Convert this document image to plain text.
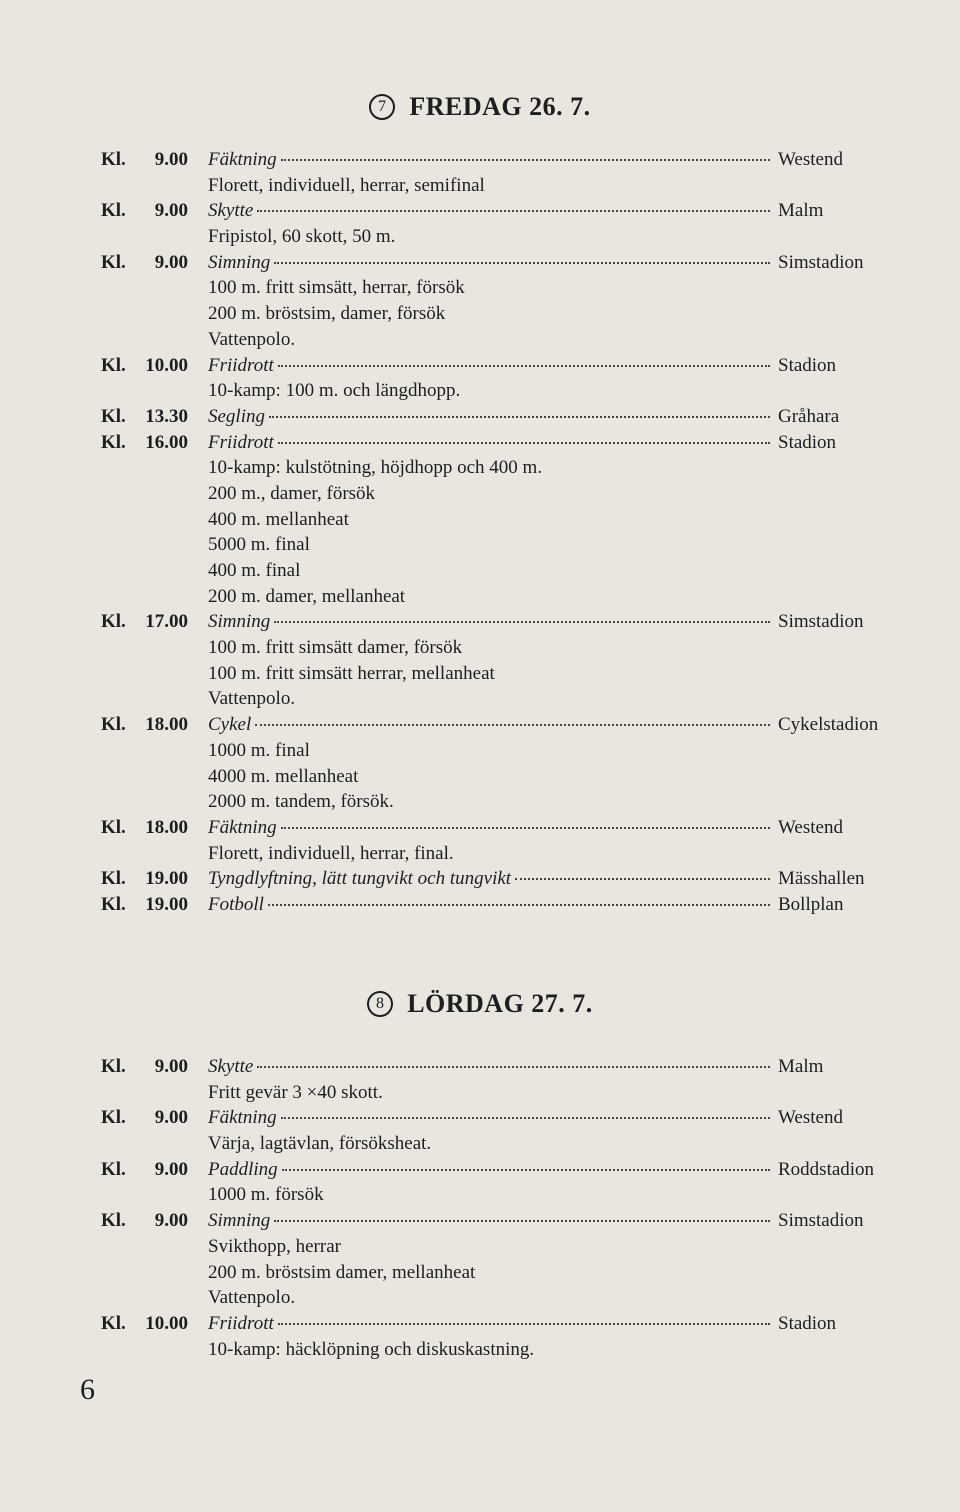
7 FREDAG 26. 7.
Kl.	9.00 Fäktning	Westend
Florett, individuell, herrar, semifinal
Kl.	9.00 Skytte	Malm
Fripistol, 60 skott, 50 m.
Kl.	9.00 Simning	Simstadion
100 m. fritt simsätt, herrar, försök
200 m. bröstsim, damer, försök
Vattenpolo.
Kl.	10.00 Friidrott	Stadion
10-kamp: 100 m. och längdhopp.
Kl.	13.30 Segling	Gråhara
Kl.	16.00 Friidrott	Stadion
10-kamp: kulstötning, höjdhopp och 400 m.
200 m., damer, försök
400 m. mellanheat
5000 m. final
400 m. final
200 m. damer, mellanheat
Kl.	17.00 Simning	Simstadion
100 m. fritt simsätt damer, försök
100 m. fritt simsätt herrar, mellanheat
Vattenpolo.
Kl.	18.00 Cykel	Cykelstadion
1000 m. final
4000 m. mellanheat
2000 m. tandem, försök.
Kl.	18.00 Fäktning	Westend
Florett, individuell, herrar, final.
Kl.	19.00 Tyngdlyftning, lätt tungvikt och tungvikt	Mässhallen
Kl.	19.00 Fotboll	Bollplan
8 LÖRDAG 27. 7.
Kl.	9.00 Skytte	Malm
Fritt gevär 3 ×40 skott.
Kl.	9.00 Fäktning	Westend
Värja, lagtävlan, försöksheat.
Kl.	9.00 Paddling	Roddstadion
1000 m. försök
Kl.	9.00 Simning	Simstadion
Svikthopp, herrar
200 m. bröstsim damer, mellanheat
Vattenpolo.
Kl.	10.00 Friidrott	Stadion
10-kamp: häcklöpning och diskuskastning.
6
